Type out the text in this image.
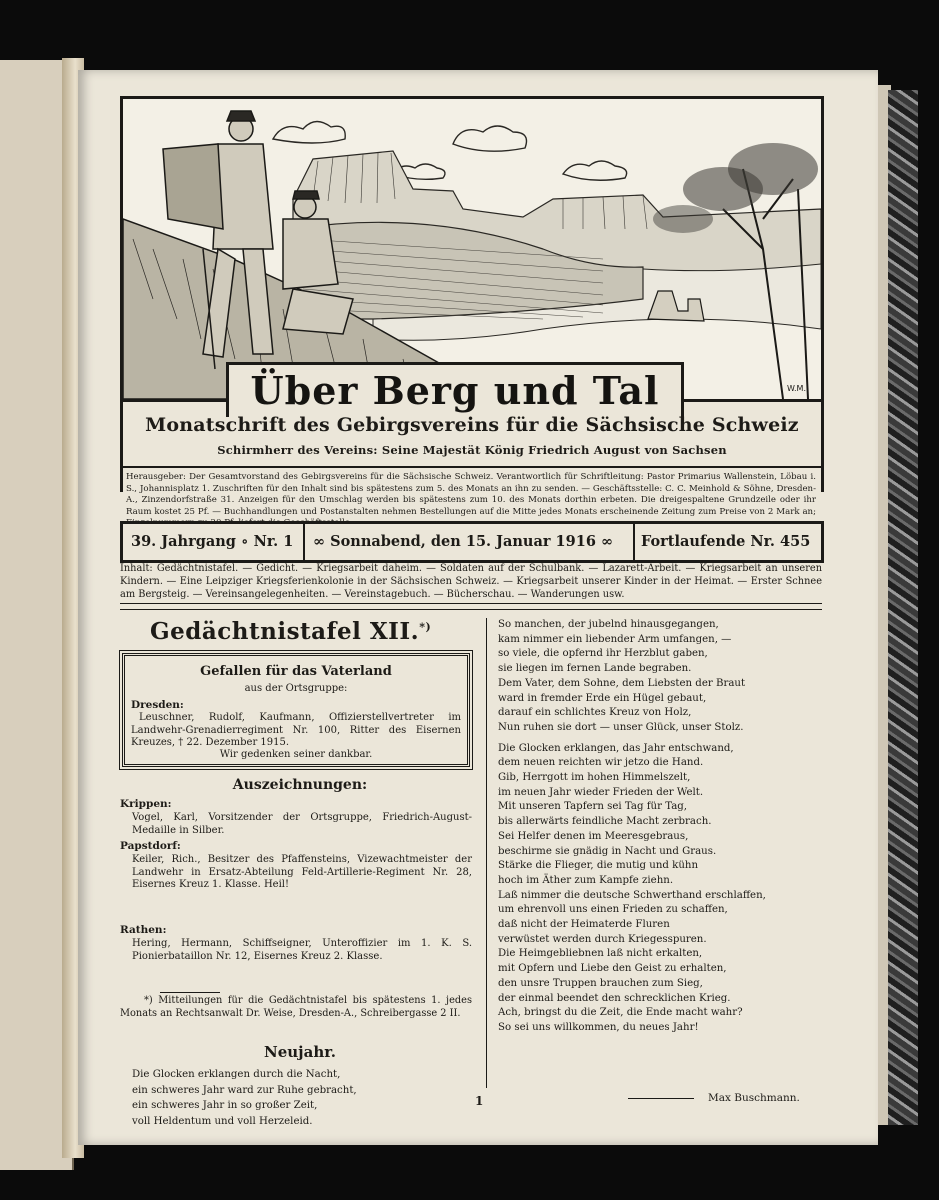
W.M.
Über Berg und Tal
Monatschrift des Gebirgsvereins für die Sächsische Schweiz
Schirmherr des Vereins: Seine Majestät König Friedrich August von Sachsen
Herausgeber: Der Gesamtvorstand des Gebirgsvereins für die Sächsische Schweiz. Verantwortlich für Schriftleitung: Pastor Primarius Wallenstein, Löbau i. S., Johannisplatz 1. Zuschriften für den Inhalt sind bis spätestens zum 5. des Monats an ihn zu senden. — Geschäftsstelle: C. C. Meinhold & Söhne, Dresden-A., Zinzendorfstraße 31. Anzeigen für den Umschlag werden bis spätestens zum 10. des Monats dorthin erbeten. Die dreigespaltene Grundzeile oder ihr Raum kostet 25 Pf. — Buchhandlungen und Postanstalten nehmen Bestellungen auf die Mitte jedes Monats erscheinende Zeitung zum Preise von 2 Mark an;
39. Jahrgang ∘ Nr. 1 ∞ Sonnabend, den 15. Januar 1916 ∞ Fortlaufende Nr. 455
Inhalt: Gedächtnistafel. — Gedicht. — Kriegsarbeit daheim. — Soldaten auf der Schulbank. — Lazarett-Arbeit. — Kriegsarbeit an unseren Kindern. — Eine Leipziger Kriegsferienkolonie in der Sächsischen Schweiz. — Kriegsarbeit unserer Kinder in der Heimat. — Erster Schnee am Bergsteig. — Vereinsangelegenheiten. — Vereinstagebuch. — Bücherschau. — Wanderungen usw.
Gedächtnistafel XII.*)
Gefallen für das Vaterland
aus der Ortsgruppe:
Dresden:
Leuschner, Rudolf, Kaufmann, Offizierstellvertreter im Landwehr-Grenadierregiment Nr. 100, Ritter des Eisernen Kreuzes, † 22. Dezember 1915.
Wir gedenken seiner dankbar.
Auszeichnungen:
Krippen:
Vogel, Karl, Vorsitzender der Ortsgruppe, Friedrich-August-Medaille in Silber.
Papstdorf:
Keiler, Rich., Besitzer des Pfaffensteins, Vizewachtmeister der Landwehr in Ersatz-Abteilung Feld-Artillerie-Regiment Nr. 28, Eisernes Kreuz 1. Klasse. Heil!
Rathen:
Hering, Hermann, Schiffseigner, Unteroffizier im 1. K. S. Pionierbataillon Nr. 12, Eisernes Kreuz 2. Klasse.
*) Mitteilungen für die Gedächtnistafel bis spätestens 1. jedes Monats an Rechtsanwalt Dr. Weise, Dresden-A., Schreibergasse 2 II.
Neujahr.
Die Glocken erklangen durch die Nacht,
ein schweres Jahr ward zur Ruhe gebracht,
ein schweres Jahr in so großer Zeit,
voll Heldentum und voll Herzeleid.
So manchen, der jubelnd hinausgegangen,
kam nimmer ein liebender Arm umfangen, —
so viele, die opfernd ihr Herzblut gaben,
sie liegen im fernen Lande begraben.
Dem Vater, dem Sohne, dem Liebsten der Braut
ward in fremder Erde ein Hügel gebaut,
darauf ein schlichtes Kreuz von Holz,
Nun ruhen sie dort — unser Glück, unser Stolz.
Die Glocken erklangen, das Jahr entschwand,
dem neuen reichten wir jetzo die Hand.
Gib, Herrgott im hohen Himmelszelt,
im neuen Jahr wieder Frieden der Welt.
Mit unseren Tapfern sei Tag für Tag,
bis allerwärts feindliche Macht zerbrach.
Sei Helfer denen im Meeresgebraus,
beschirme sie gnädig in Nacht und Graus.
Stärke die Flieger, die mutig und kühn
hoch im Äther zum Kampfe ziehn.
Laß nimmer die deutsche Schwerthand erschlaffen,
um ehrenvoll uns einen Frieden zu schaffen,
daß nicht der Heimaterde Fluren
verwüstet werden durch Kriegesspuren.
Die Heimgebliebnen laß nicht erkalten,
mit Opfern und Liebe den Geist zu erhalten,
den unsre Truppen brauchen zum Sieg,
der einmal beendet den schrecklichen Krieg.
Ach, bringst du die Zeit, die Ende macht wahr?
So sei uns willkommen, du neues Jahr!
Max Buschmann.
1
